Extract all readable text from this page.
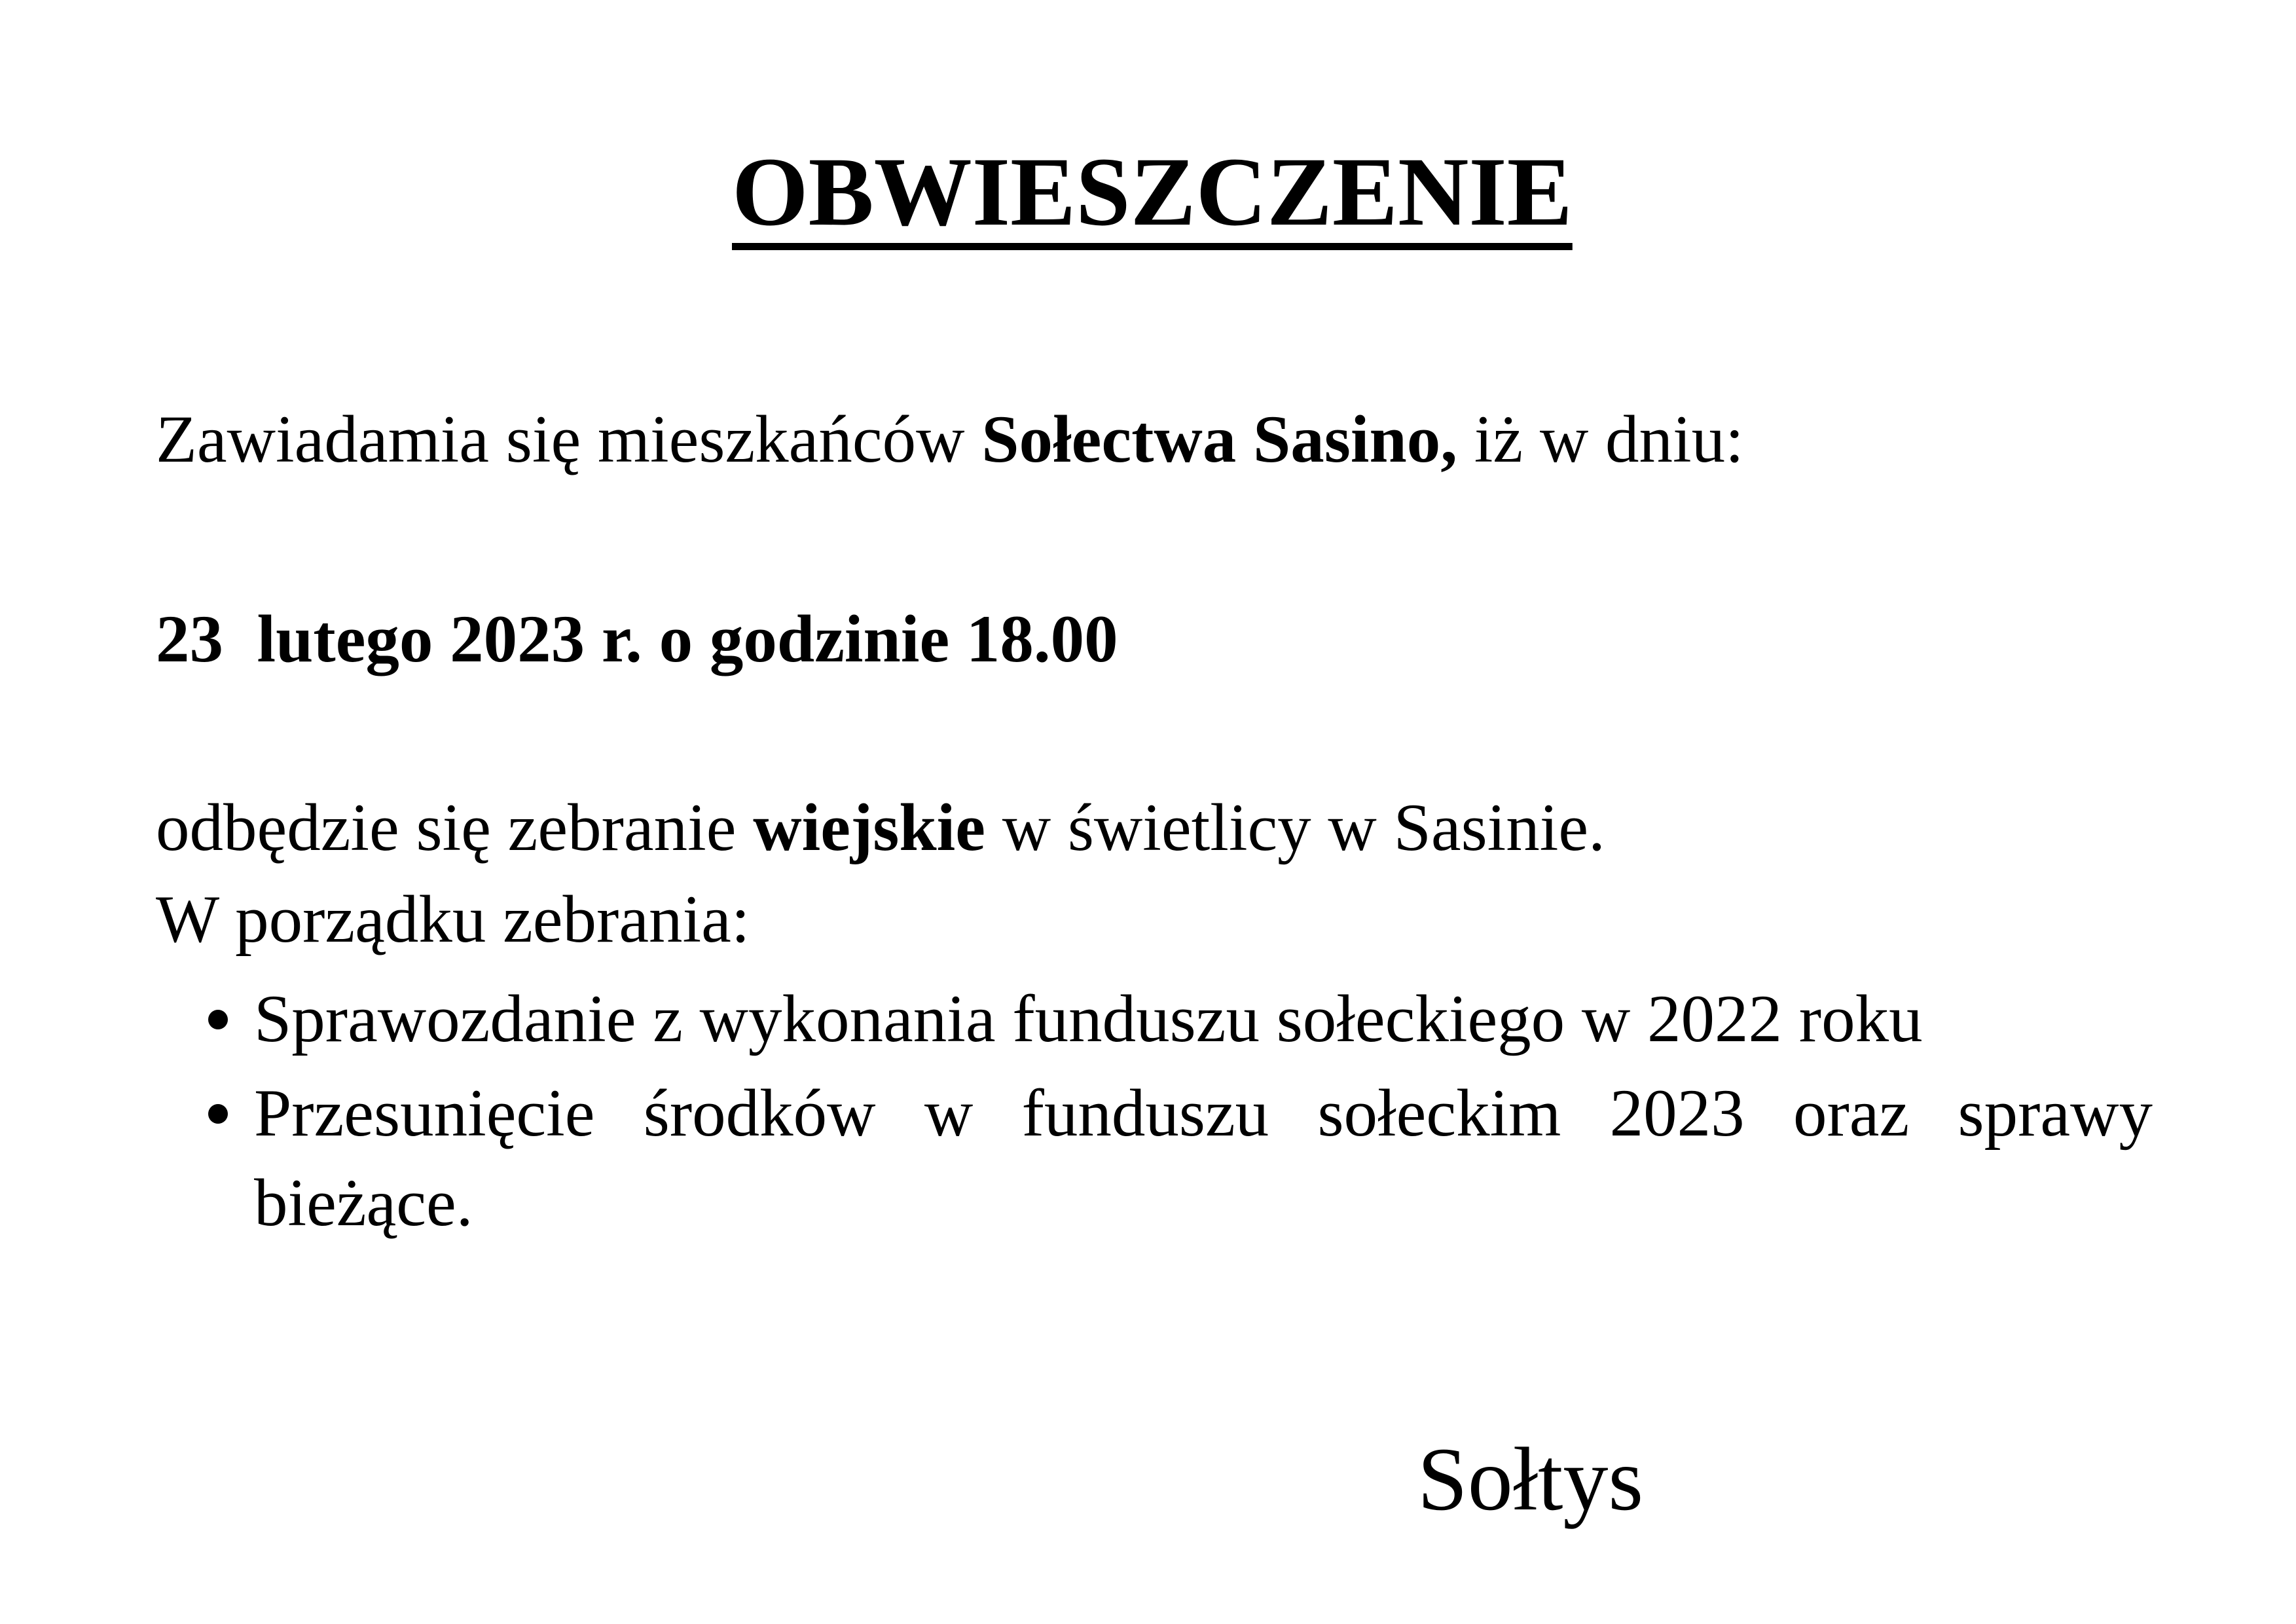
OBWIESZCZENIE
Zawiadamia się mieszkańców Sołectwa Sasino, iż w dniu:
23  lutego 2023 r. o godzinie 18.00
odbędzie się zebranie wiejskie w świetlicy w Sasinie.
W porządku zebrania:
Sprawozdanie z wykonania funduszu sołeckiego w 2022 roku
Przesunięcie środków w funduszu sołeckim 2023 oraz sprawy bieżące.
Sołtys
